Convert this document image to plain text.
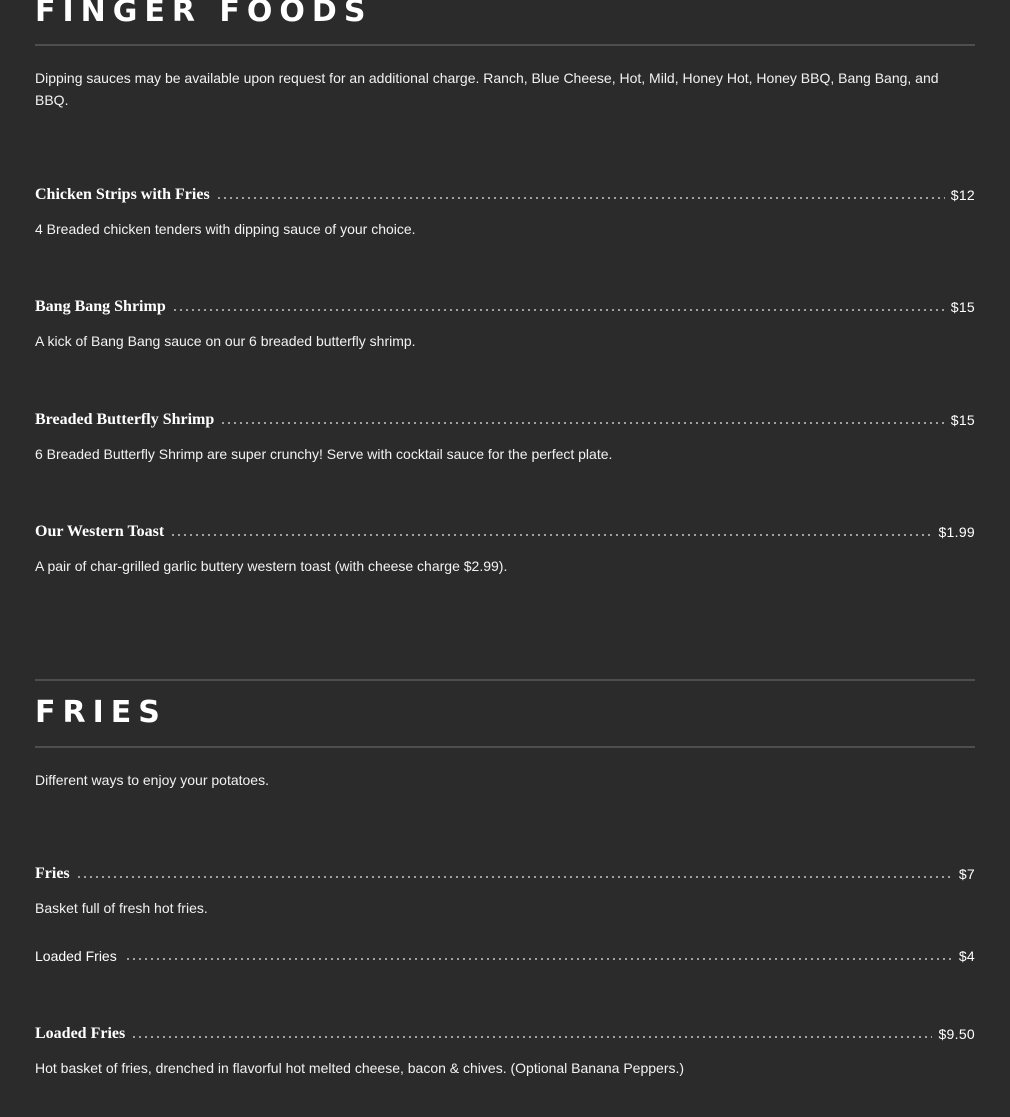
FINGER FOODS
Dipping sauces may be available upon request for an additional charge. Ranch, Blue Cheese, Hot, Mild, Honey Hot, Honey BBQ, Bang Bang, and BBQ.
Chicken Strips with Fries	$12
4 Breaded chicken tenders with dipping sauce of your choice.
Bang Bang Shrimp	$15
A kick of Bang Bang sauce on our 6 breaded butterfly shrimp.
Breaded Butterfly Shrimp	$15
6 Breaded Butterfly Shrimp are super crunchy! Serve with cocktail sauce for the perfect plate.
Our Western Toast	$1.99
A pair of char-grilled garlic buttery western toast (with cheese charge $2.99).
FRIES
Different ways to enjoy your potatoes.
Fries	$7
Basket full of fresh hot fries.
Loaded Fries	$4
Loaded Fries	$9.50
Hot basket of fries, drenched in flavorful hot melted cheese, bacon & chives. (Optional Banana Peppers.)
